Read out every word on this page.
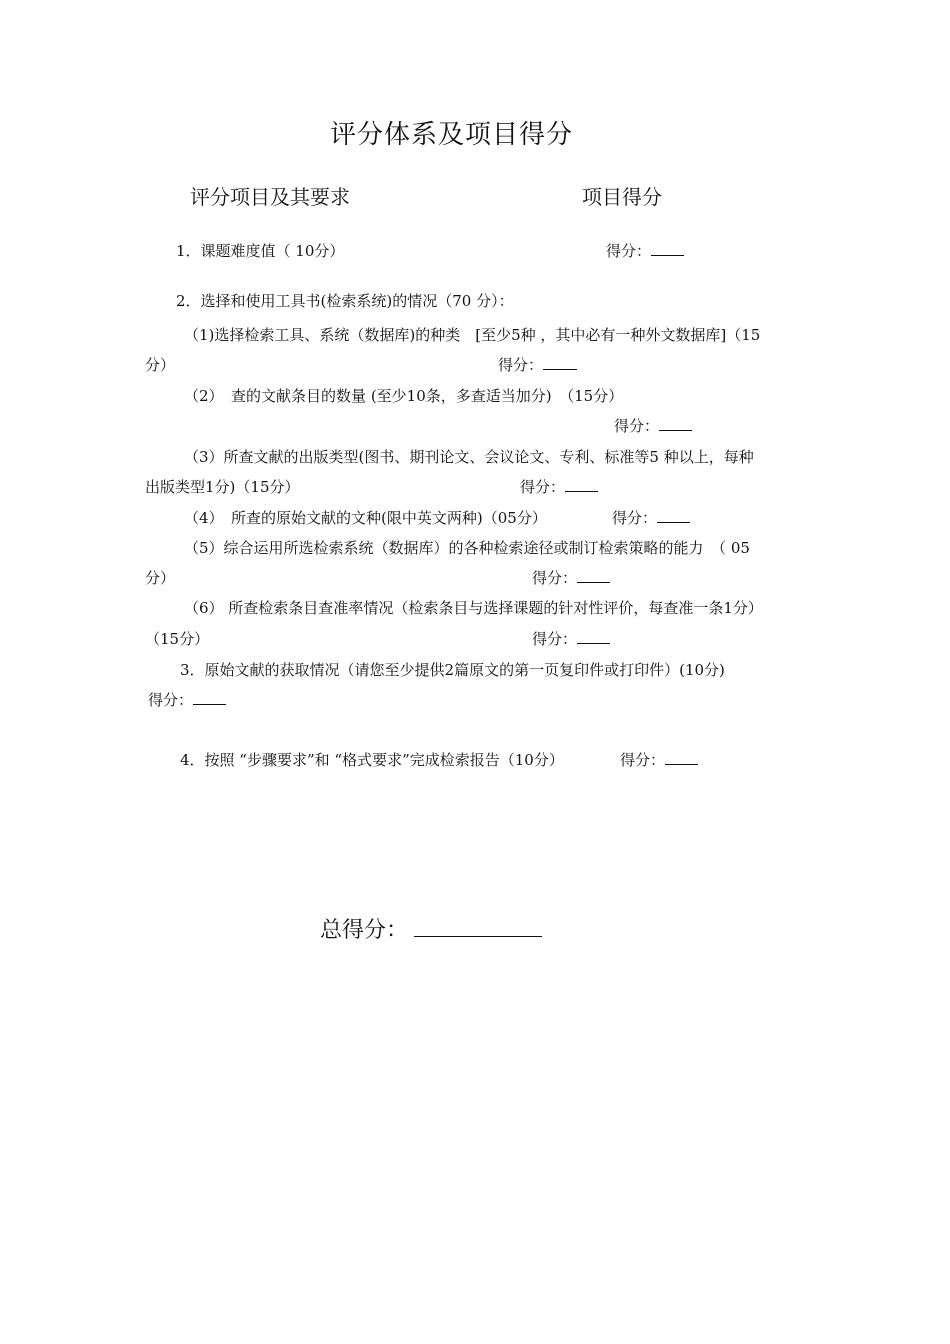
评分体系及项目得分
评分项目及其要求	项目得分
1．课题难度值（ 10分）	得分：
2．选择和使用工具书(检索系统)的情况（70 分）：
（1)选择检索工具、系统（数据库)的种类　[至少5种 ，其中必有一种外文数据库]（15
分）	得分：
（2）　查的文献条目的数量 (至少10条，多查适当加分)　（15分）
得分：
（3）所查文献的出版类型(图书、期刊论文、会议论文、专利、标准等5 种以上，每种
出版类型1分)（15分）	得分：
（4）　所查的原始文献的文种(限中英文两种)（05分）	得分：
（5）综合运用所选检索系统（数据库）的各种检索途径或制订检索策略的能力　（ 05
分）	得分：
（6） 所查检索条目查准率情况（检索条目与选择课题的针对性评价，每查准一条1分）
（15分）	得分：
3．原始文献的获取情况（请您至少提供2篇原文的第一页复印件或打印件）(10分)
得分：
4．按照 “步骤要求”和 “格式要求”完成检索报告（10分）	得分：
总得分：
